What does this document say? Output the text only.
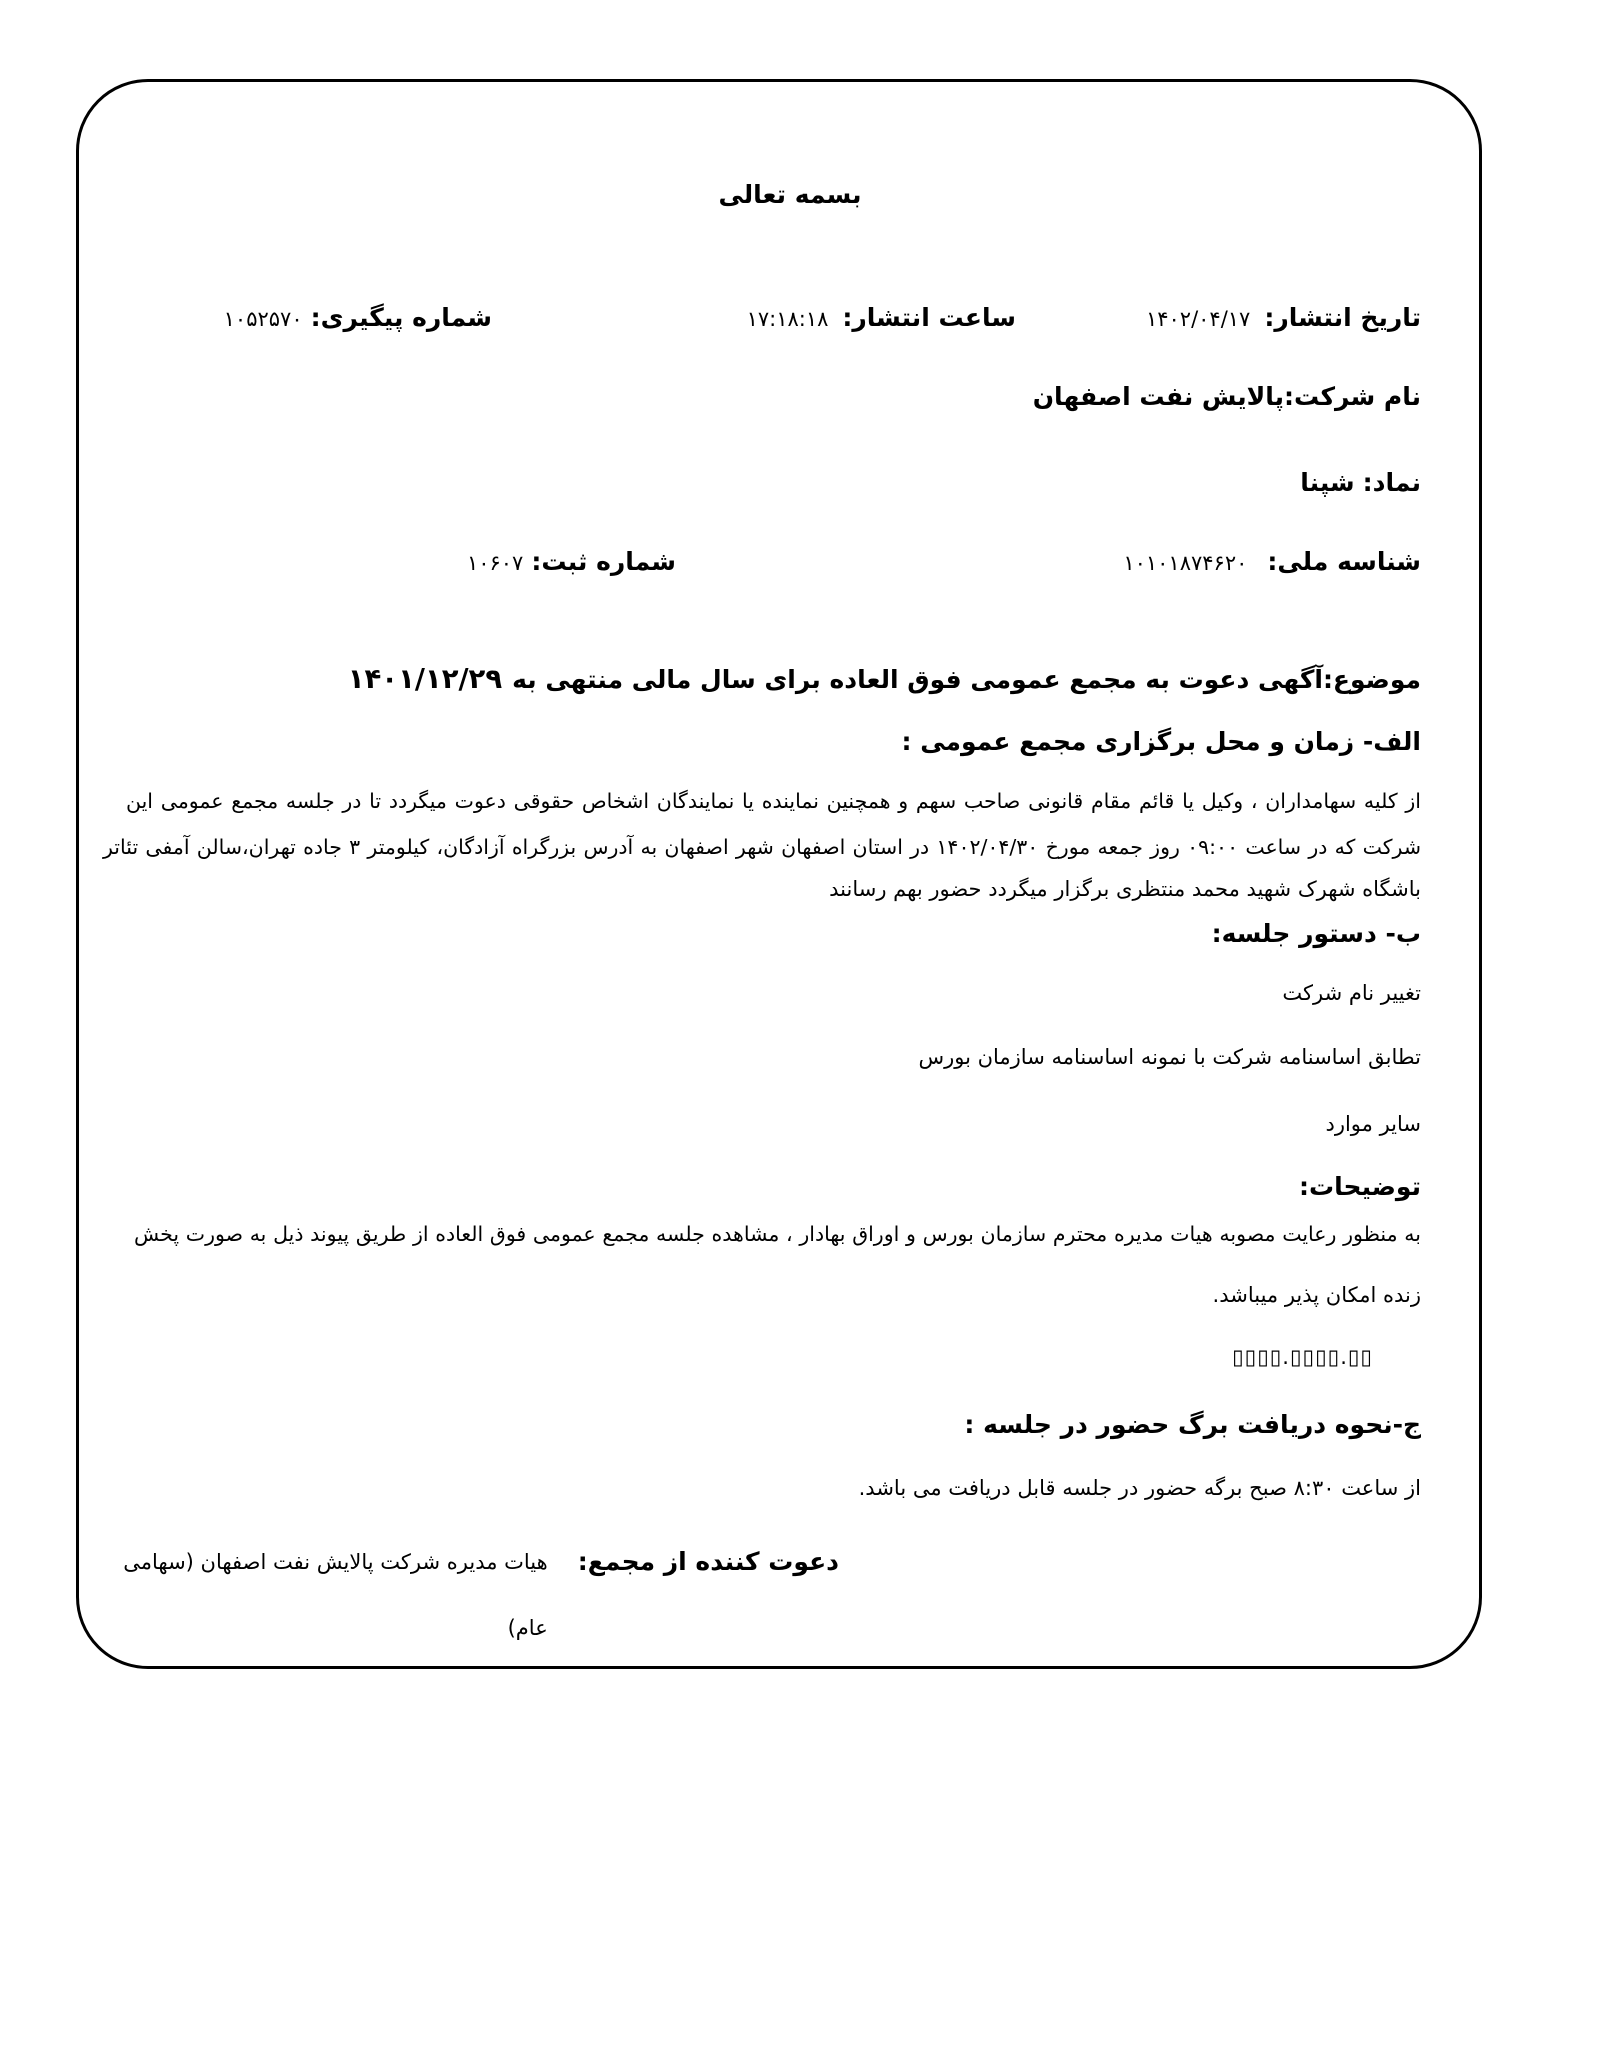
بسمه تعالی
تاریخ انتشار:۱۴۰۲/۰۴/۱۷
ساعت انتشار:۱۷:۱۸:۱۸
شماره پیگیری:۱۰۵۲۵۷۰
نام شرکت:پالایش نفت اصفهان
نماد:شپنا
شناسه ملی:۱۰۱۰۱۸۷۴۶۲۰
شماره ثبت:۱۰۶۰۷
موضوع:آگهی دعوت به مجمع عمومی فوق العاده برای سال مالی منتهی به۱۴۰۱/۱۲/۲۹
الف- زمان و محل برگزاری مجمع عمومی :
از کلیه سهامداران ، وکیل یا قائم مقام قانونی صاحب سهم و همچنین نماینده یا نمایندگان اشخاص حقوقی دعوت میگردد تا در جلسه مجمع عمومی این
شرکت که در ساعت ۰۹:۰۰ روز جمعه مورخ ۱۴۰۲/۰۴/۳۰ در استان اصفهان شهر اصفهان به آدرس بزرگراه آزادگان، کیلومتر ۳ جاده تهران،سالن آمفی تئاتر
باشگاه شهرک شهید محمد منتظری برگزار میگردد حضور بهم رسانند
ب- دستور جلسه:
تغییر نام شرکت
تطابق اساسنامه شرکت با نمونه اساسنامه سازمان بورس
سایر موارد
توضیحات:
به منظور رعایت مصوبه هیات مدیره محترم سازمان بورس و اوراق بهادار ، مشاهده جلسه مجمع عمومی فوق العاده از طریق پیوند ذیل به صورت پخش
زنده امکان پذیر میباشد.
▯▯▯▯.▯▯▯▯.▯▯
ج-نحوه دریافت برگ حضور در جلسه :
از ساعت ۸:۳۰ صبح برگه حضور در جلسه قابل دریافت می باشد.
دعوت کننده از مجمع:
هیات مدیره شرکت پالایش نفت اصفهان (سهامی
عام)
